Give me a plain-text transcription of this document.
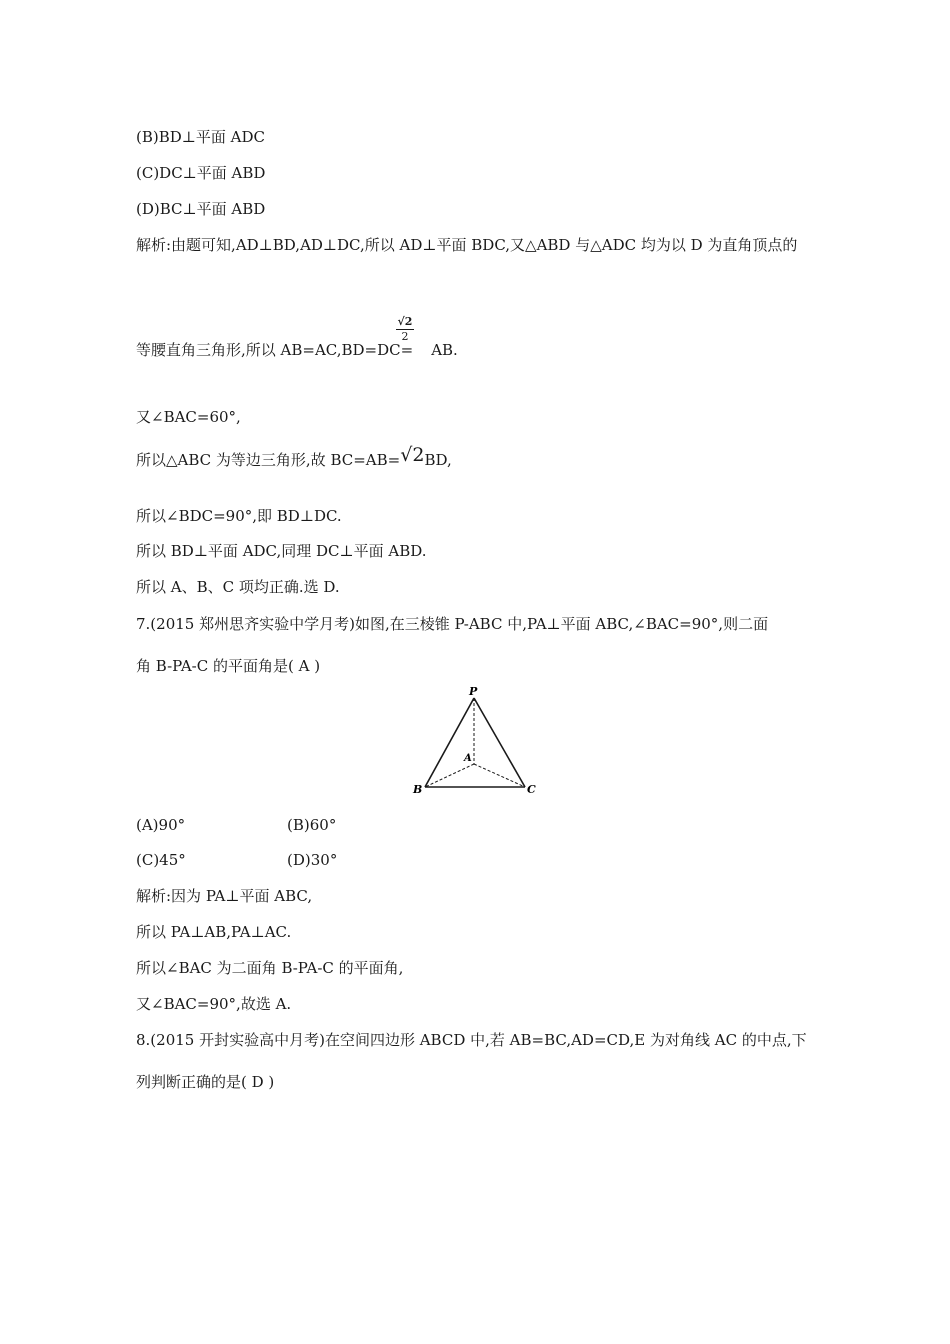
(B)BD⊥平面 ADC
(C)DC⊥平面 ABD
(D)BC⊥平面 ABD
解析:由题可知,AD⊥BD,AD⊥DC,所以 AD⊥平面 BDC,又△ABD 与△ADC 均为以 D 为直角顶点的
等腰直角三角形,所以 AB=AC,BD=DC= AB.
√2
2
又∠BAC=60°,
所以△ABC 为等边三角形,故 BC=AB=√2BD,
所以∠BDC=90°,即 BD⊥DC.
所以 BD⊥平面 ADC,同理 DC⊥平面 ABD.
所以 A、B、C 项均正确.选 D.
7.(2015 郑州思齐实验中学月考)如图,在三棱锥 P-ABC 中,PA⊥平面 ABC,∠BAC=90°,则二面
角 B-PA-C 的平面角是( A )
P
A
B	C
(A)90°	(B)60°
(C)45°	(D)30°
解析:因为 PA⊥平面 ABC,
所以 PA⊥AB,PA⊥AC.
所以∠BAC 为二面角 B-PA-C 的平面角,
又∠BAC=90°,故选 A.
8.(2015 开封实验高中月考)在空间四边形 ABCD 中,若 AB=BC,AD=CD,E 为对角线 AC 的中点,下
列判断正确的是( D )
